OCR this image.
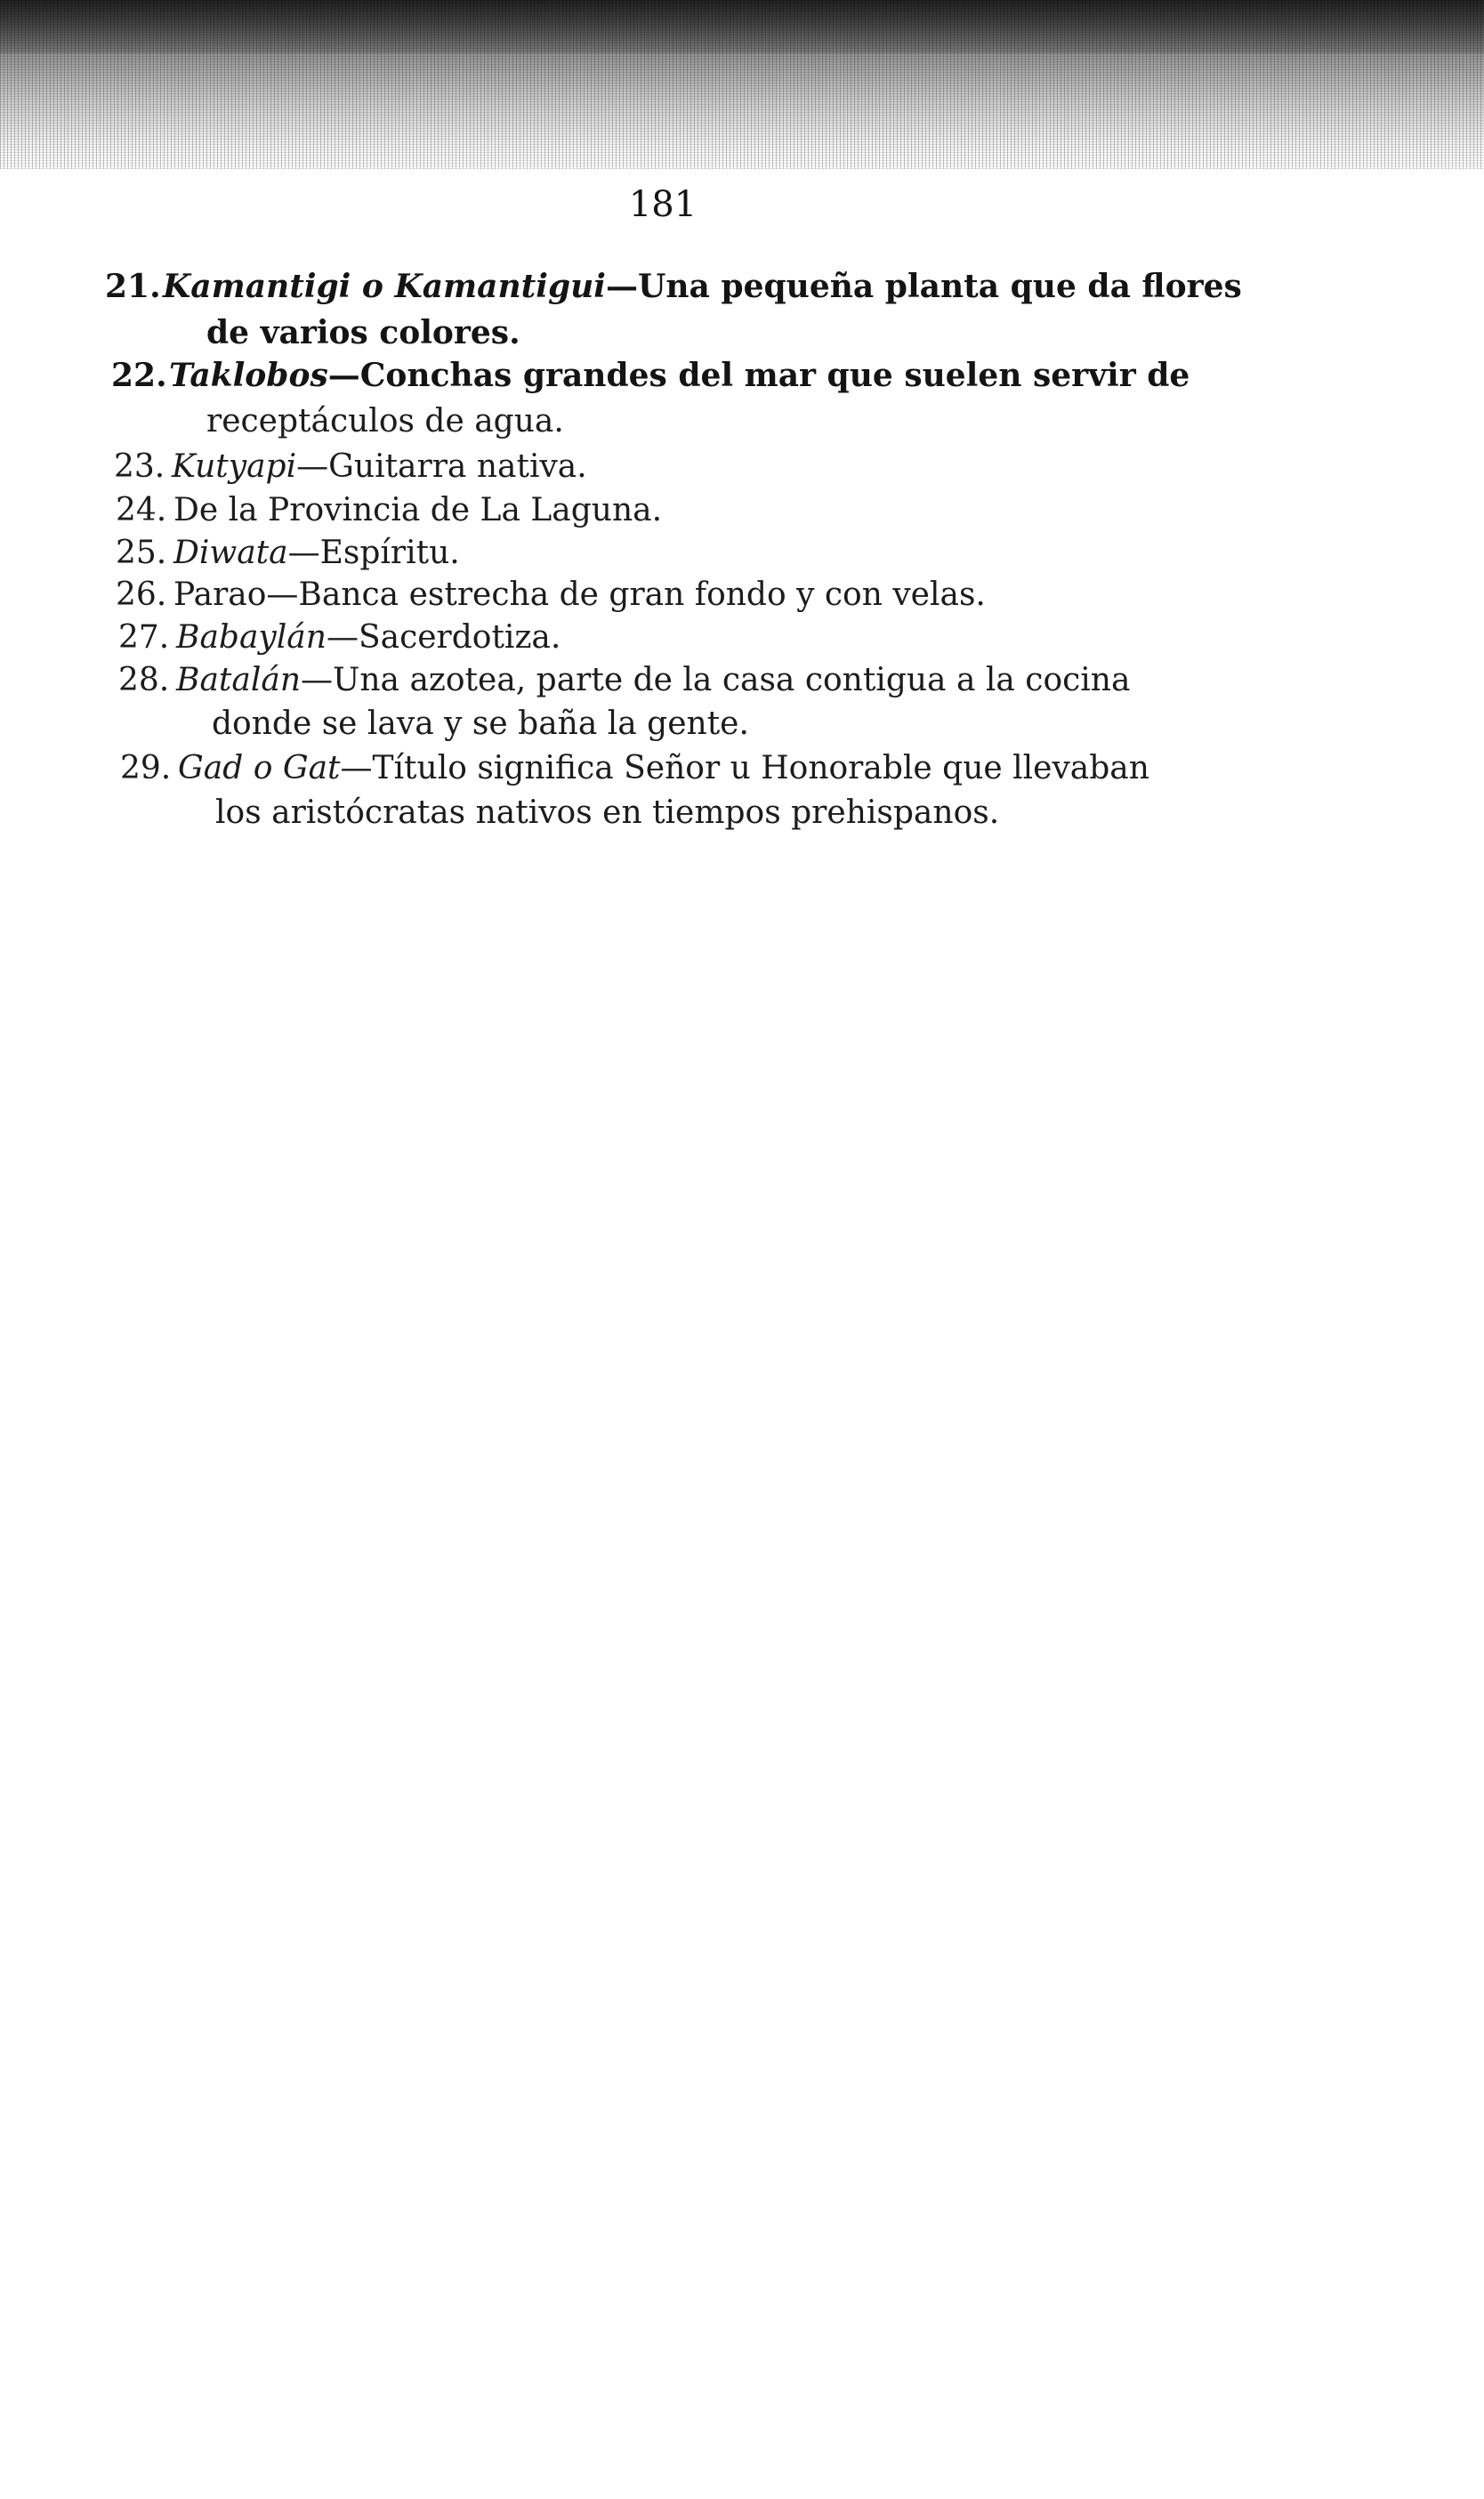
181
21.Kamantigi o Kamantigui—Una pequeña planta que da flores
de varios colores.
22.Taklobos—Conchas grandes del mar que suelen servir de
receptáculos de agua.
23. Kutyapi—Guitarra nativa.
24. De la Provincia de La Laguna.
25. Diwata—Espíritu.
26. Parao—Banca estrecha de gran fondo y con velas.
27. Babaylán—Sacerdotiza.
28. Batalán—Una azotea, parte de la casa contigua a la cocina
donde se lava y se baña la gente.
29. Gad o Gat—Título significa Señor u Honorable que llevaban
los aristócratas nativos en tiempos prehispanos.
